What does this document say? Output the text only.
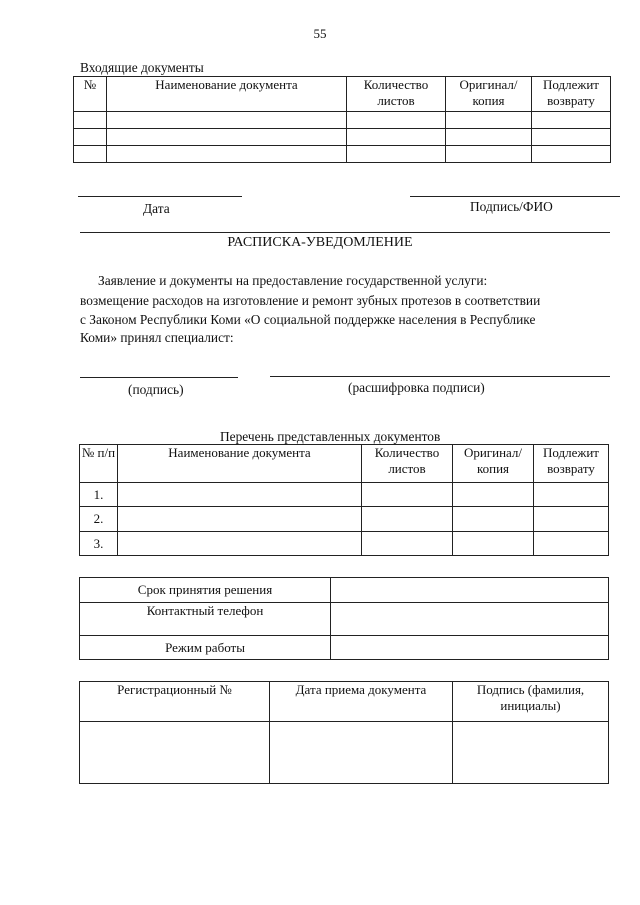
55
Входящие документы
№	Наименование документа	Количество листов	Оригинал/ копия	Подлежит возврату

Дата	Подпись/ФИО
РАСПИСКА-УВЕДОМЛЕНИЕ
Заявление и документы на предоставление государственной услуги:
возмещение расходов на изготовление и ремонт зубных протезов в соответствии
с Законом Республики Коми «О социальной поддержке населения в Республике
Коми» принял специалист:
(подпись)	(расшифровка подписи)
Перечень представленных документов
№ п/п	Наименование документа	Количество листов	Оригинал/ копия	Подлежит возврату
1.				
2.				
3.				
Срок принятия решения	
Контактный телефон	
Режим работы	
Регистрационный №	Дата приема документа	Подпись (фамилия, инициалы)
